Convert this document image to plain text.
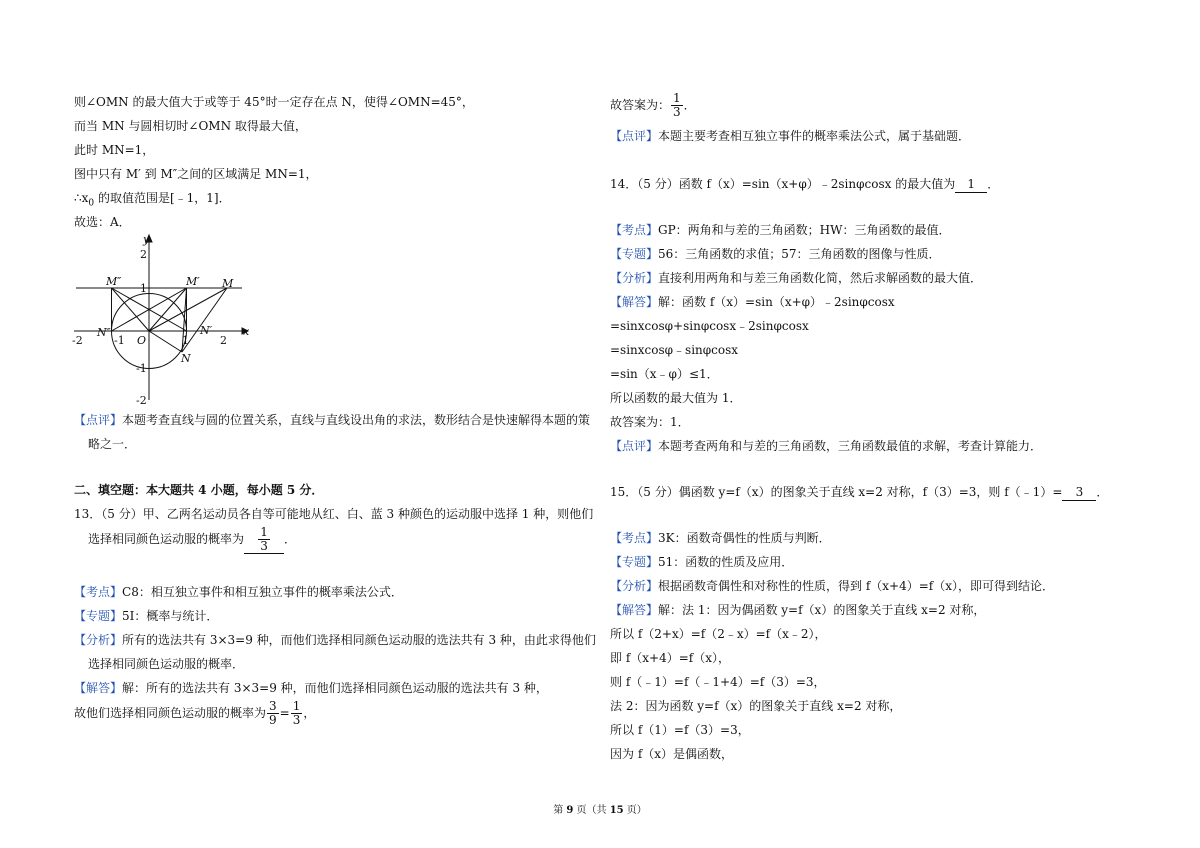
则∠OMN 的最大值大于或等于 45°时一定存在点 N，使得∠OMN=45°，
而当 MN 与圆相切时∠OMN 取得最大值，
此时 MN=1，
图中只有 M′ 到 M″之间的区域满足 MN=1，
$\therefore x_0$ 的取值范围是[﹣1，1]．
故选：A．
y
x
O
2
1
-1
-2
-2	-1	1	2
M″	M′ M
N″	N′
N
【点评】本题考查直线与圆的位置关系，直线与直线设出角的求法，数形结合是快速解得本题的策
略之一．
二、填空题：本大题共 4 小题，每小题 5 分．
13．（5 分）甲、乙两名运动员各自等可能地从红、白、蓝 3 种颜色的运动服中选择 1 种，则他们
选择相同颜色运动服的概率为 $\frac{1}{3}$ ．
【考点】C8：相互独立事件和相互独立事件的概率乘法公式．
【专题】5I：概率与统计．
【分析】所有的选法共有 3×3=9 种，而他们选择相同颜色运动服的选法共有 3 种，由此求得他们
选择相同颜色运动服的概率．
【解答】解：所有的选法共有 3×3=9 种，而他们选择相同颜色运动服的选法共有 3 种，
故他们选择相同颜色运动服的概率为 $\frac{3}{9} = \frac{1}{3}$ ，
故答案为： $\frac{1}{3}$ ．
【点评】本题主要考查相互独立事件的概率乘法公式，属于基础题．
14．（5 分）函数 f（x）=sin（x+φ）﹣2sinφcosx 的最大值为 1 ．
【考点】GP：两角和与差的三角函数；HW：三角函数的最值．
【专题】56：三角函数的求值；57：三角函数的图像与性质．
【分析】直接利用两角和与差三角函数化简，然后求解函数的最大值．
【解答】解：函数 f（x）=sin（x+φ）﹣2sinφcosx
=sinxcosφ+sinφcosx﹣2sinφcosx
=sinxcosφ﹣sinφcosx
=sin（x﹣φ）≤1．
所以函数的最大值为 1．
故答案为：1．
【点评】本题考查两角和与差的三角函数，三角函数最值的求解，考查计算能力．
15．（5 分）偶函数 y=f（x）的图象关于直线 x=2 对称，f（3）=3，则 f（﹣1）= 3 ．
【考点】3K：函数奇偶性的性质与判断．
【专题】51：函数的性质及应用．
【分析】根据函数奇偶性和对称性的性质，得到 f（x+4）=f（x），即可得到结论．
【解答】解：法 1：因为偶函数 y=f（x）的图象关于直线 x=2 对称，
所以 f（2+x）=f（2﹣x）=f（x﹣2），
即 f（x+4）=f（x），
则 f（﹣1）=f（﹣1+4）=f（3）=3，
法 2：因为函数 y=f（x）的图象关于直线 x=2 对称，
所以 f（1）=f（3）=3，
因为 f（x）是偶函数，
第 9 页（共 15 页）
